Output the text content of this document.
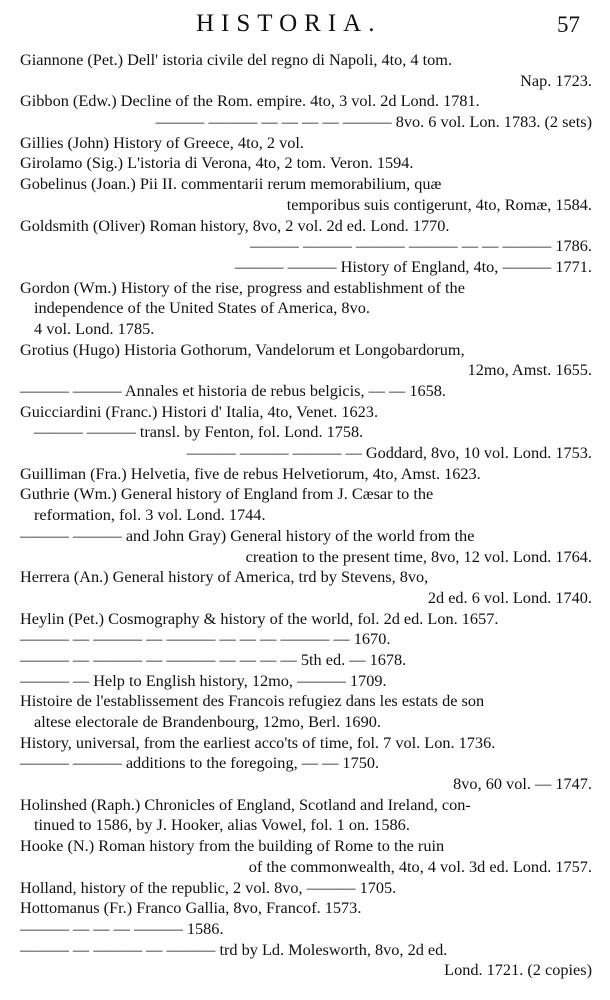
HISTORIA.	57
Giannone (Pet.) Dell' istoria civile del regno di Napoli, 4to, 4 tom.
Nap. 1723.
Gibbon (Edw.) Decline of the Rom. empire. 4to, 3 vol. 2d Lond. 1781.
——— ——— — — — — ——— 8vo. 6 vol. Lon. 1783. (2 sets)
Gillies (John) History of Greece, 4to, 2 vol.
Girolamo (Sig.) L'istoria di Verona, 4to, 2 tom. Veron. 1594.
Gobelinus (Joan.) Pii II. commentarii rerum memorabilium, quæ
temporibus suis contigerunt, 4to, Romæ, 1584.
Goldsmith (Oliver) Roman history, 8vo, 2 vol. 2d ed. Lond. 1770.
——— ——— ——— ——— — — ——— 1786.
——— ——— History of England, 4to, ——— 1771.
Gordon (Wm.) History of the rise, progress and establishment of the
independence of the United States of America, 8vo.
4 vol. Lond. 1785.
Grotius (Hugo) Historia Gothorum, Vandelorum et Longobardorum,
12mo, Amst. 1655.
——— ——— Annales et historia de rebus belgicis, — — 1658.
Guicciardini (Franc.) Histori d' Italia, 4to, Venet. 1623.
——— ——— transl. by Fenton, fol. Lond. 1758.
——— ——— ——— — Goddard, 8vo, 10 vol. Lond. 1753.
Guilliman (Fra.) Helvetia, five de rebus Helvetiorum, 4to, Amst. 1623.
Guthrie (Wm.) General history of England from J. Cæsar to the
reformation, fol. 3 vol. Lond. 1744.
——— ——— and John Gray) General history of the world from the
creation to the present time, 8vo, 12 vol. Lond. 1764.
Herrera (An.) General history of America, trd by Stevens, 8vo,
2d ed. 6 vol. Lond. 1740.
Heylin (Pet.) Cosmography & history of the world, fol. 2d ed. Lon. 1657.
——— — ——— — ——— — — — ——— — 1670.
——— — ——— — ——— — — — — 5th ed. — 1678.
——— — Help to English history, 12mo, ——— 1709.
Histoire de l'establissement des Francois refugiez dans les estats de son
altese electorale de Brandenbourg, 12mo, Berl. 1690.
History, universal, from the earliest acco'ts of time, fol. 7 vol. Lon. 1736.
——— ——— additions to the foregoing, — — 1750.
8vo, 60 vol. — 1747.
Holinshed (Raph.) Chronicles of England, Scotland and Ireland, con-
tinued to 1586, by J. Hooker, alias Vowel, fol. 1 on. 1586.
Hooke (N.) Roman history from the building of Rome to the ruin
of the commonwealth, 4to, 4 vol. 3d ed. Lond. 1757.
Holland, history of the republic, 2 vol. 8vo, ——— 1705.
Hottomanus (Fr.) Franco Gallia, 8vo, Francof. 1573.
——— — — — ——— 1586.
——— — ——— — ——— trd by Ld. Molesworth, 8vo, 2d ed.
Lond. 1721. (2 copies)
